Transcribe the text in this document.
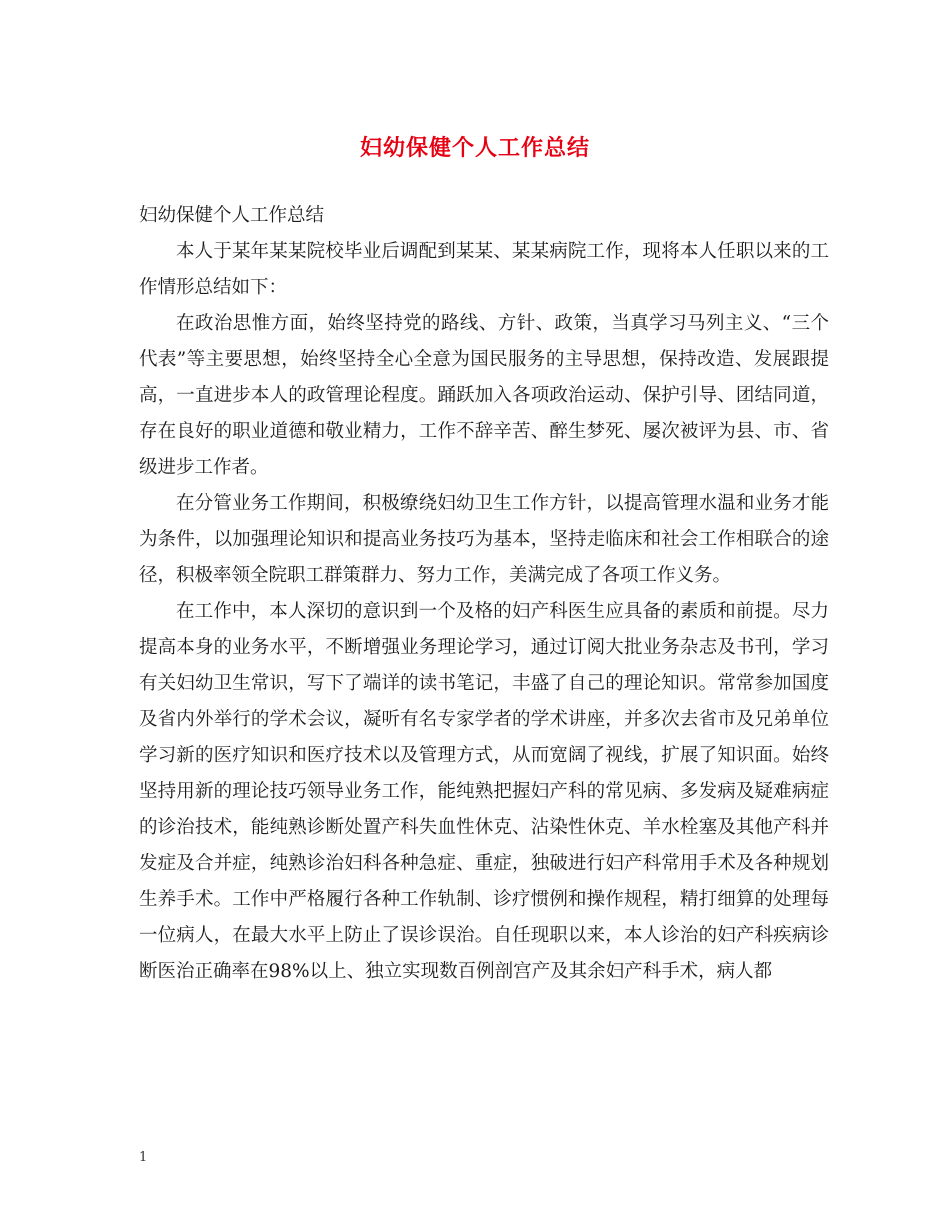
妇幼保健个人工作总结

妇幼保健个人工作总结

本人于某年某某院校毕业后调配到某某、某某病院工作，现将本人任职以来的工作情形总结如下：

在政治思惟方面，始终坚持党的路线、方针、政策，当真学习马列主义、“三个代表”等主要思想，始终坚持全心全意为国民服务的主导思想，保持改造、发展跟提高，一直进步本人的政管理论程度。踊跃加入各项政治运动、保护引导、团结同道，存在良好的职业道德和敬业精力，工作不辞辛苦、醉生梦死、屡次被评为县、市、省级进步工作者。

在分管业务工作期间，积极缭绕妇幼卫生工作方针，以提高管理水温和业务才能为条件，以加强理论知识和提高业务技巧为基本，坚持走临床和社会工作相联合的途径，积极率领全院职工群策群力、努力工作，美满完成了各项工作义务。

在工作中，本人深切的意识到一个及格的妇产科医生应具备的素质和前提。尽力提高本身的业务水平，不断增强业务理论学习，通过订阅大批业务杂志及书刊，学习有关妇幼卫生常识，写下了端详的读书笔记，丰盛了自己的理论知识。常常参加国度及省内外举行的学术会议，凝听有名专家学者的学术讲座，并多次去省市及兄弟单位学习新的医疗知识和医疗技术以及管理方式，从而宽阔了视线，扩展了知识面。始终坚持用新的理论技巧领导业务工作，能纯熟把握妇产科的常见病、多发病及疑难病症的诊治技术，能纯熟诊断处置产科失血性休克、沾染性休克、羊水栓塞及其他产科并发症及合并症，纯熟诊治妇科各种急症、重症，独破进行妇产科常用手术及各种规划生养手术。工作中严格履行各种工作轨制、诊疗惯例和操作规程，精打细算的处理每一位病人，在最大水平上防止了误诊误治。自任现职以来，本人诊治的妇产科疾病诊断医治正确率在98%以上、独立实现数百例剖宫产及其余妇产科手术，病人都

1
